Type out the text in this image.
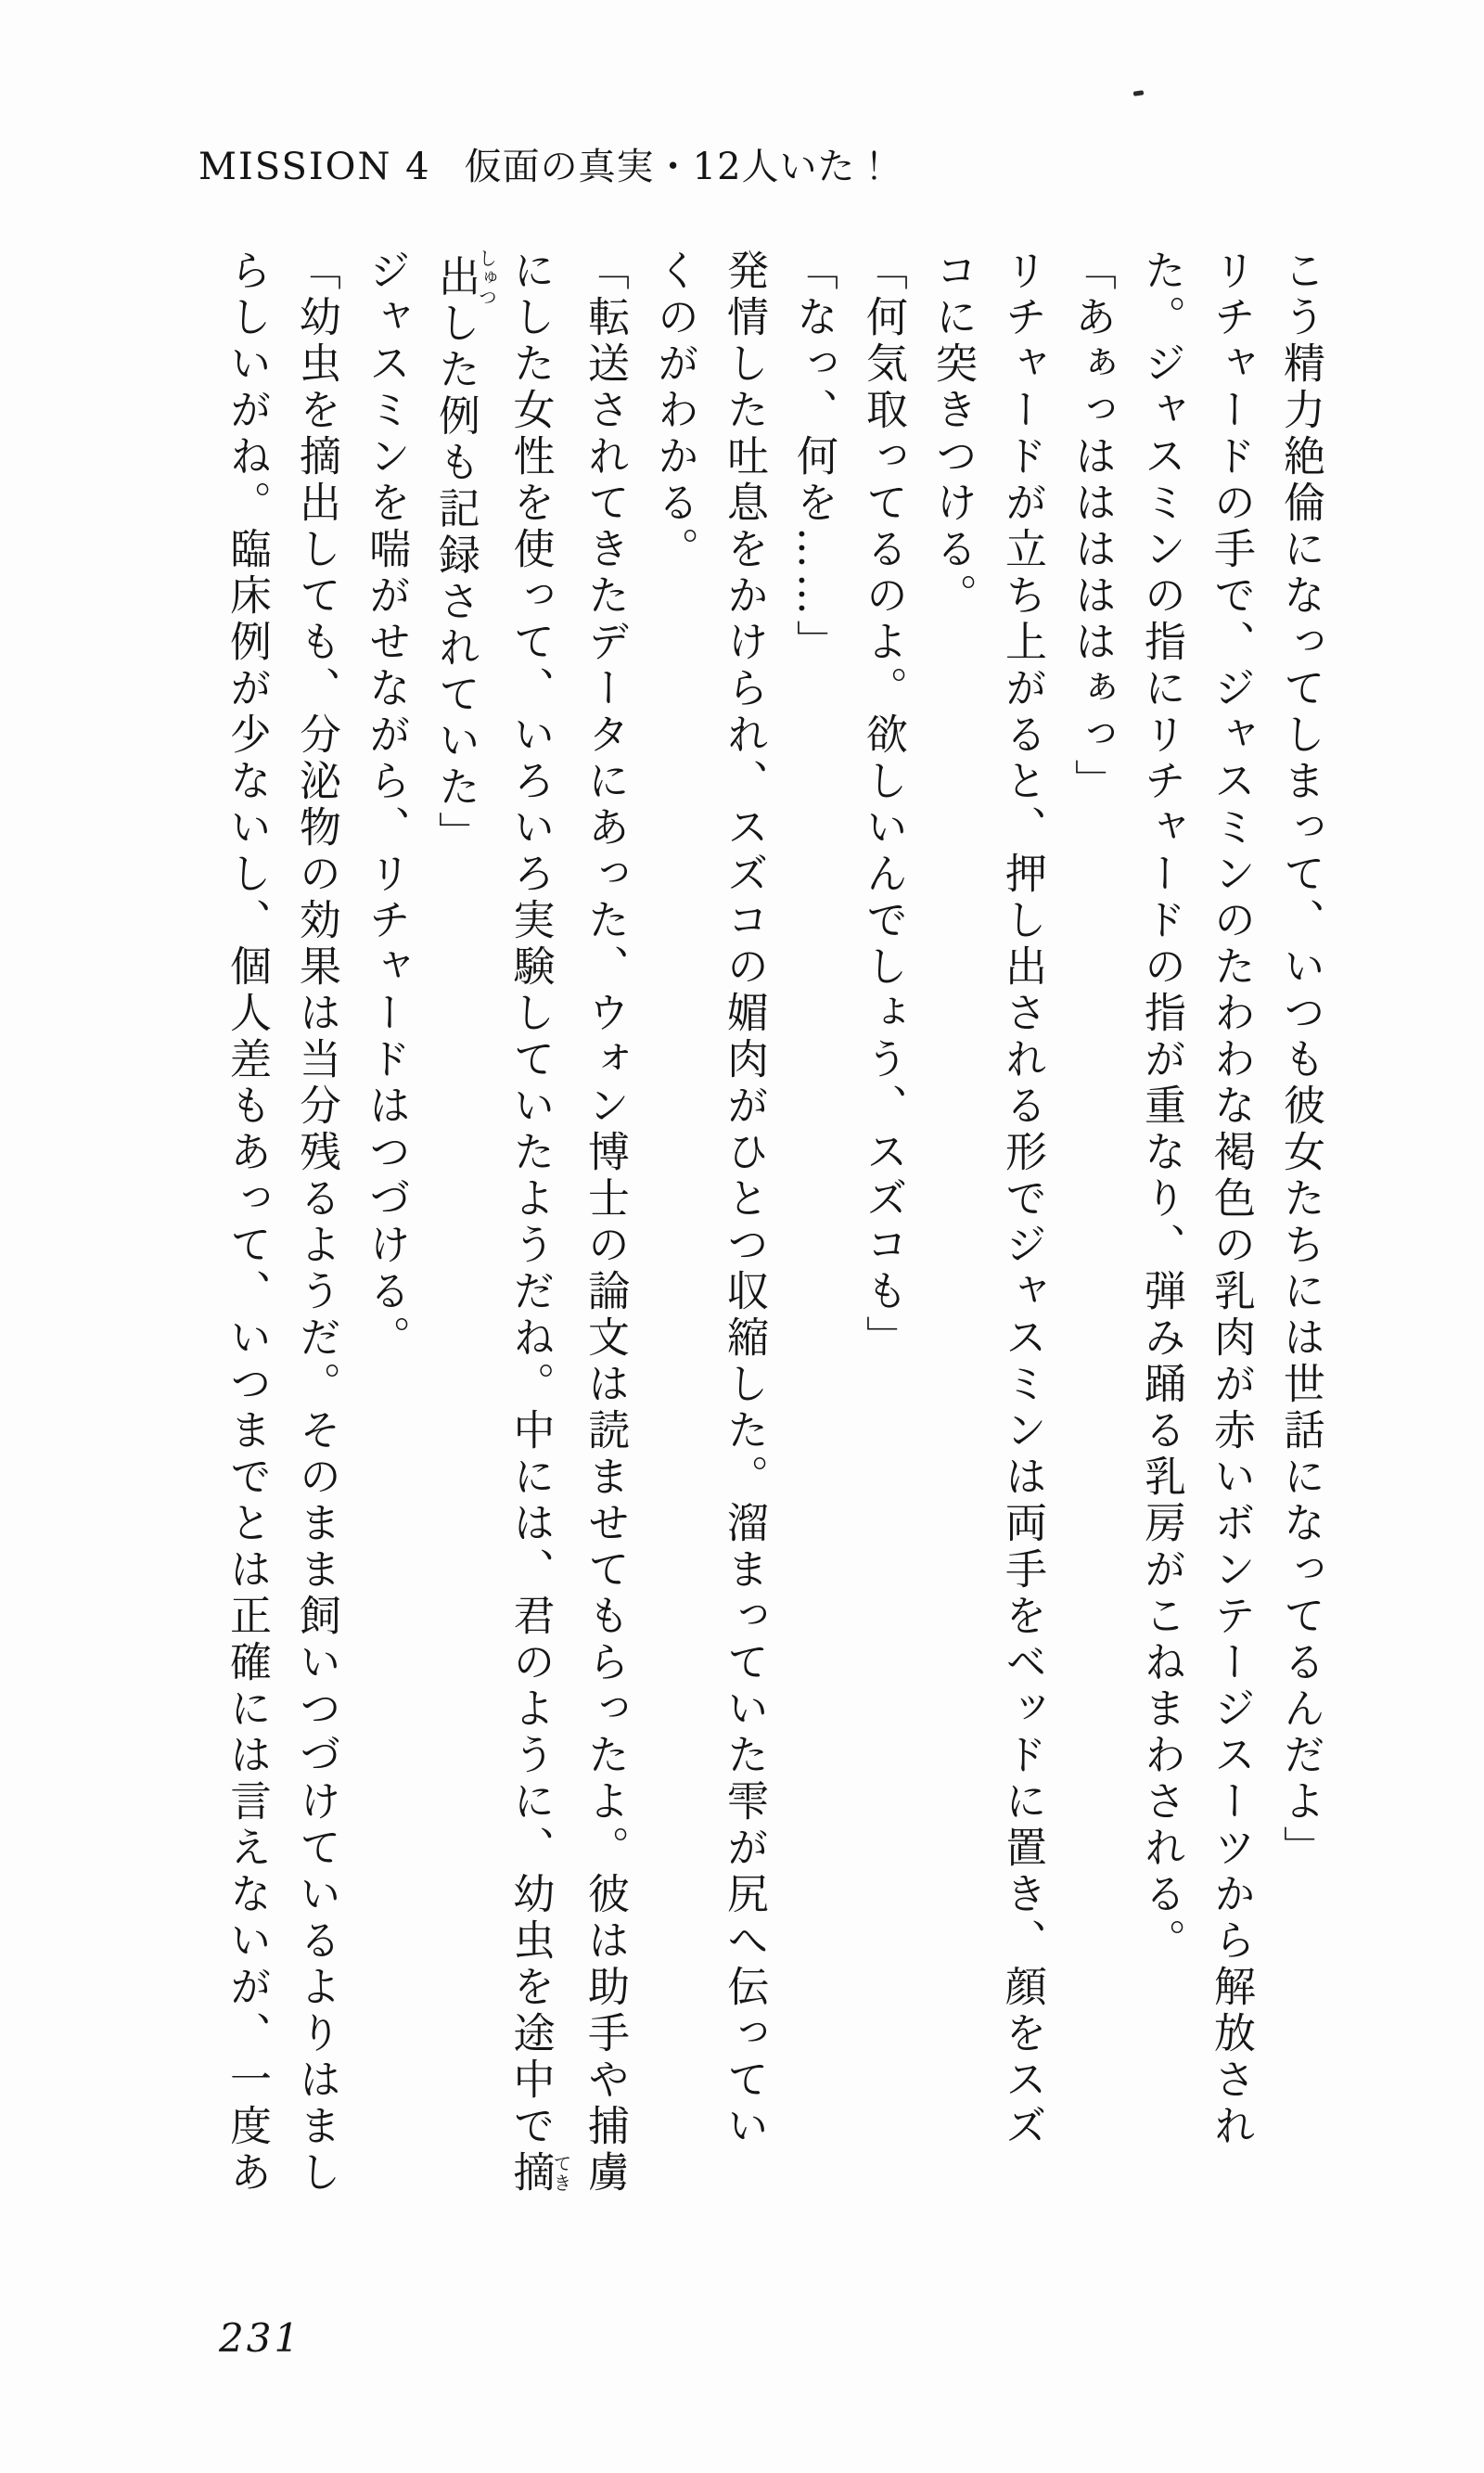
MISSION 4 仮面の真実・12人いた！

こう精力絶倫になってしまって、いつも彼女たちには世話になってるんだよ」

リチャードの手で、ジャスミンのたわわな褐色の乳肉が赤いボンテージスーツから解放され

た。ジャスミンの指にリチャードの指が重なり、弾み踊る乳房がこねまわされる。

「あぁっはははははぁっ」

リチャードが立ち上がると、押し出される形でジャスミンは両手をベッドに置き、顔をスズ

コに突きつける。

「何気取ってるのよ。欲しいんでしょう、スズコも」

「なっ、何を……」

発情した吐息をかけられ、スズコの媚肉がひとつ収縮した。溜まっていた雫が尻へ伝ってい

くのがわかる。

「転送されてきたデータにあった、ウォン博士の論文は読ませてもらったよ。彼は助手や捕虜

にした女性を使って、いろいろ実験していたようだね。中には、君のように、幼虫を途中で摘てき

出しゅつした例も記録されていた」

ジャスミンを喘がせながら、リチャードはつづける。

「幼虫を摘出しても、分泌物の効果は当分残るようだ。そのまま飼いつづけているよりはまし

らしいがね。臨床例が少ないし、個人差もあって、いつまでとは正確には言えないが、一度あ

231
